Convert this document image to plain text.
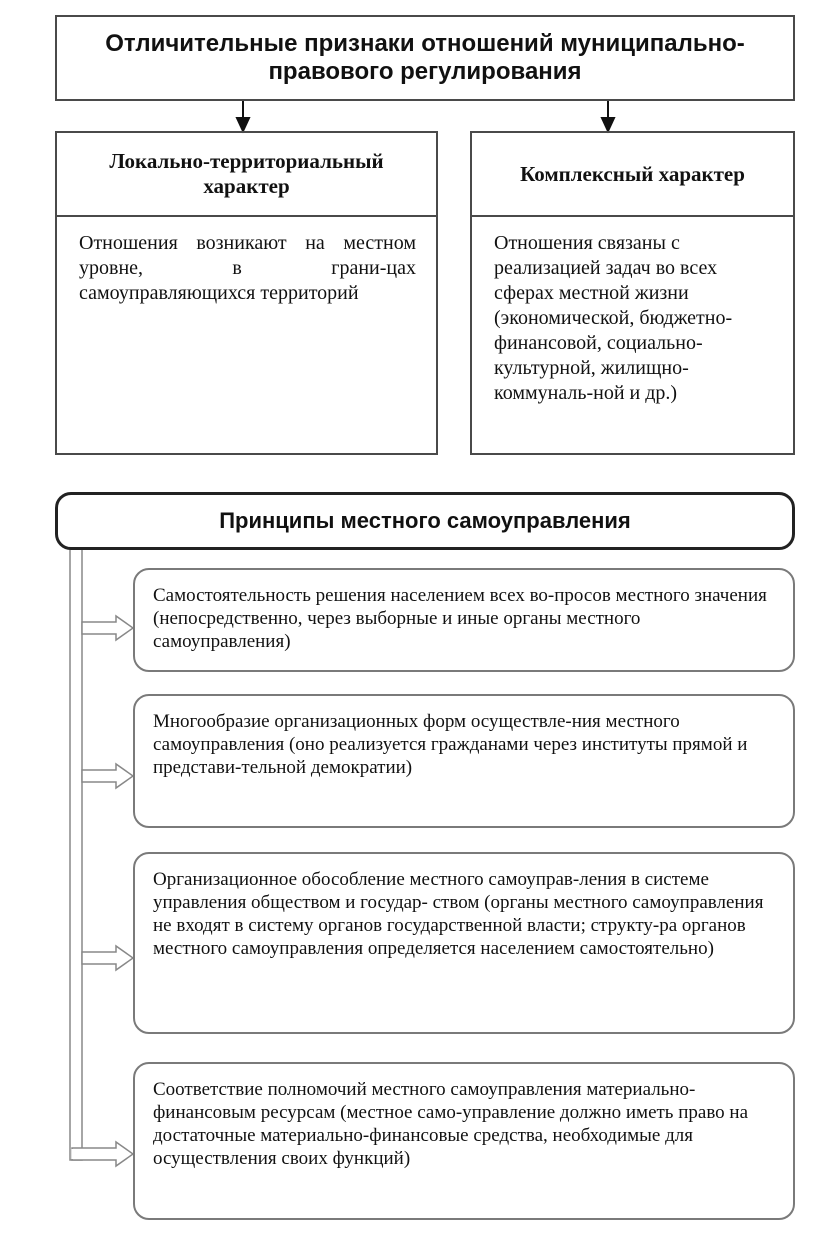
Отличительные признаки отношений муниципально-правового регулирования
Локально-территориальный характер
Отношения возникают на местном уровне, в грани-цах самоуправляющихся территорий
Комплексный характер
Отношения связаны с реализацией задач во всех сферах местной жизни (экономической, бюджетно-финансовой, социально-культурной, жилищно-коммуналь-ной и др.)
Принципы местного самоуправления
Самостоятельность решения населением всех во-просов местного значения (непосредственно, через выборные и иные органы местного самоуправления)
Многообразие организационных форм осуществле-ния местного самоуправления (оно реализуется гражданами через институты прямой и представи-тельной демократии)
Организационное обособление местного самоуправ-ления в системе управления обществом и государ- ством (органы местного самоуправления не входят в систему органов государственной власти; структу-ра органов местного самоуправления определяется населением самостоятельно)
Соответствие полномочий местного самоуправления материально-финансовым ресурсам (местное само-управление должно иметь право на достаточные материально-финансовые средства, необходимые для осуществления своих функций)
